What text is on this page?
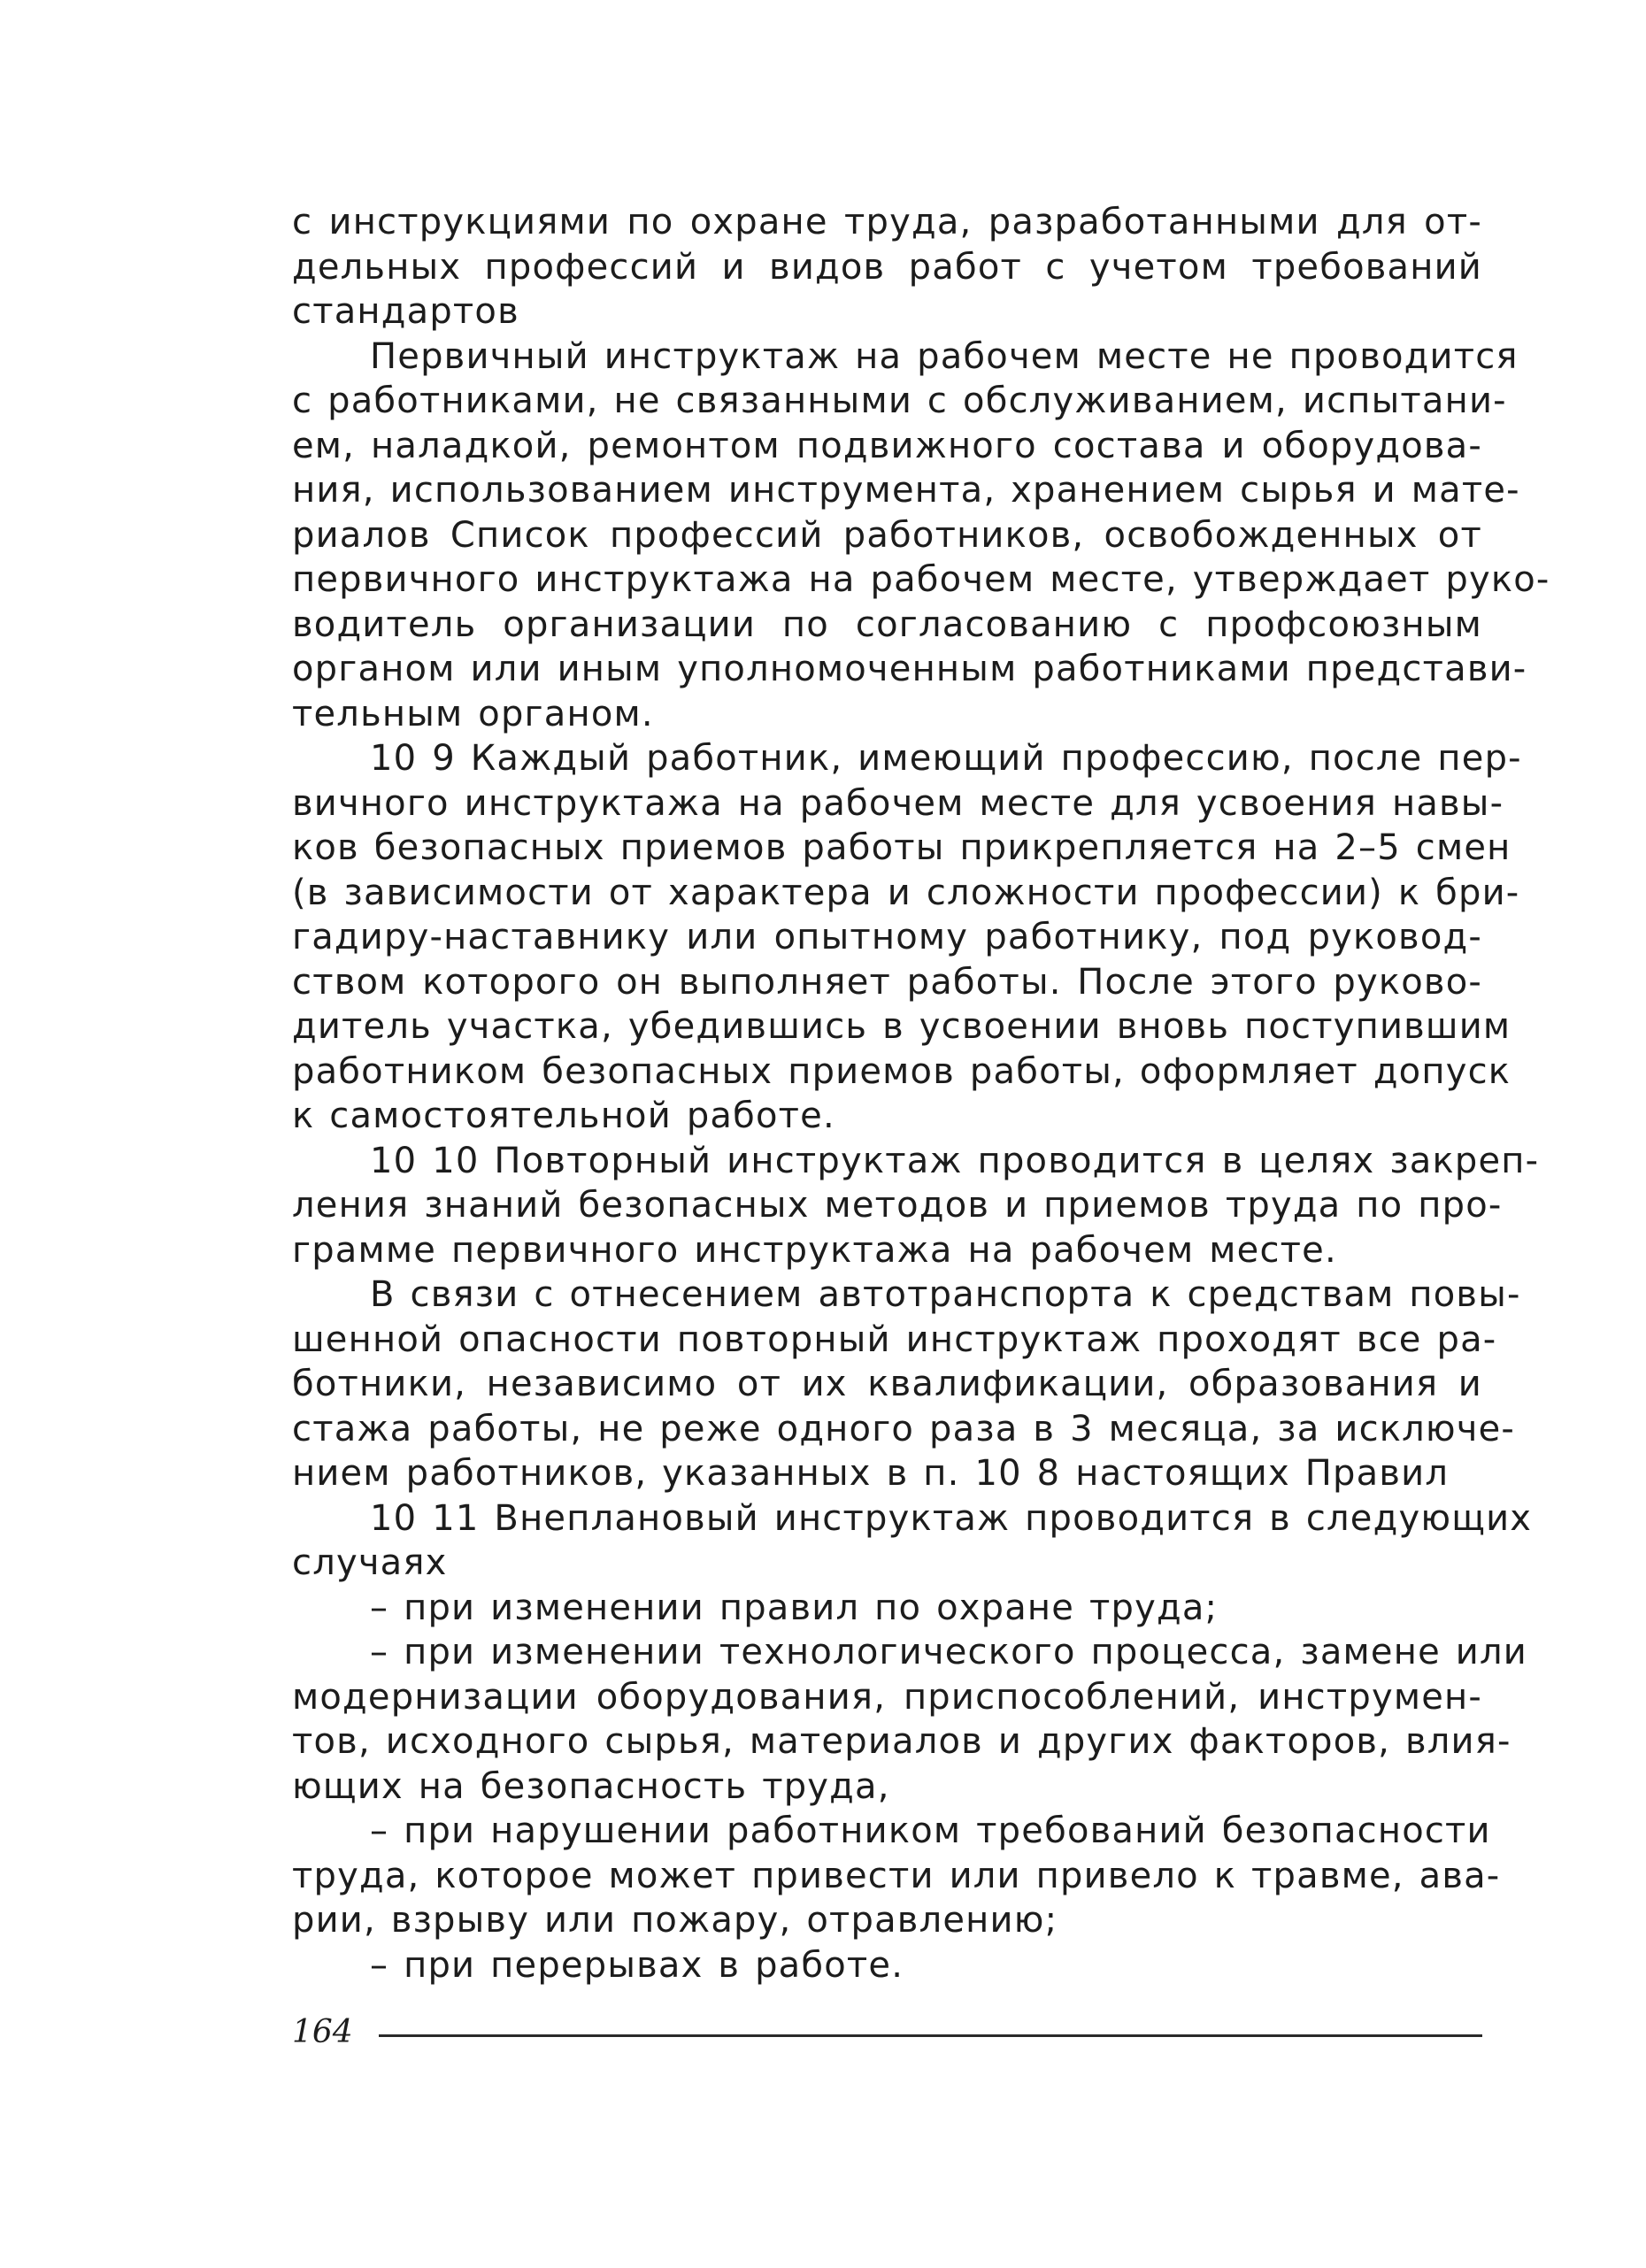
с инструкциями по охране труда, разработанными для от-
дельных профессий и видов работ с учетом требований
стандартов

Первичный инструктаж на рабочем месте не проводится
с работниками, не связанными с обслуживанием, испытани-
ем, наладкой, ремонтом подвижного состава и оборудова-
ния, использованием инструмента, хранением сырья и мате-
риалов Список профессий работников, освобожденных от
первичного инструктажа на рабочем месте, утверждает руко-
водитель организации по согласованию с профсоюзным
органом или иным уполномоченным работниками представи-
тельным органом.

10 9 Каждый работник, имеющий профессию, после пер-
вичного инструктажа на рабочем месте для усвоения навы-
ков безопасных приемов работы прикрепляется на 2–5 смен
(в зависимости от характера и сложности профессии) к бри-
гадиру-наставнику или опытному работнику, под руковод-
ством которого он выполняет работы. После этого руково-
дитель участка, убедившись в усвоении вновь поступившим
работником безопасных приемов работы, оформляет допуск
к самостоятельной работе.

10 10 Повторный инструктаж проводится в целях закреп-
ления знаний безопасных методов и приемов труда по про-
грамме первичного инструктажа на рабочем месте.

В связи с отнесением автотранспорта к средствам повы-
шенной опасности повторный инструктаж проходят все ра-
ботники, независимо от их квалификации, образования и
стажа работы, не реже одного раза в 3 месяца, за исключе-
нием работников, указанных в п. 10 8 настоящих Правил

10 11 Внеплановый инструктаж проводится в следующих
случаях

– при изменении правил по охране труда;

– при изменении технологического процесса, замене или
модернизации оборудования, приспособлений, инструмен-
тов, исходного сырья, материалов и других факторов, влия-
ющих на безопасность труда,

– при нарушении работником требований безопасности
труда, которое может привести или привело к травме, ава-
рии, взрыву или пожару, отравлению;

– при перерывах в работе.

164
